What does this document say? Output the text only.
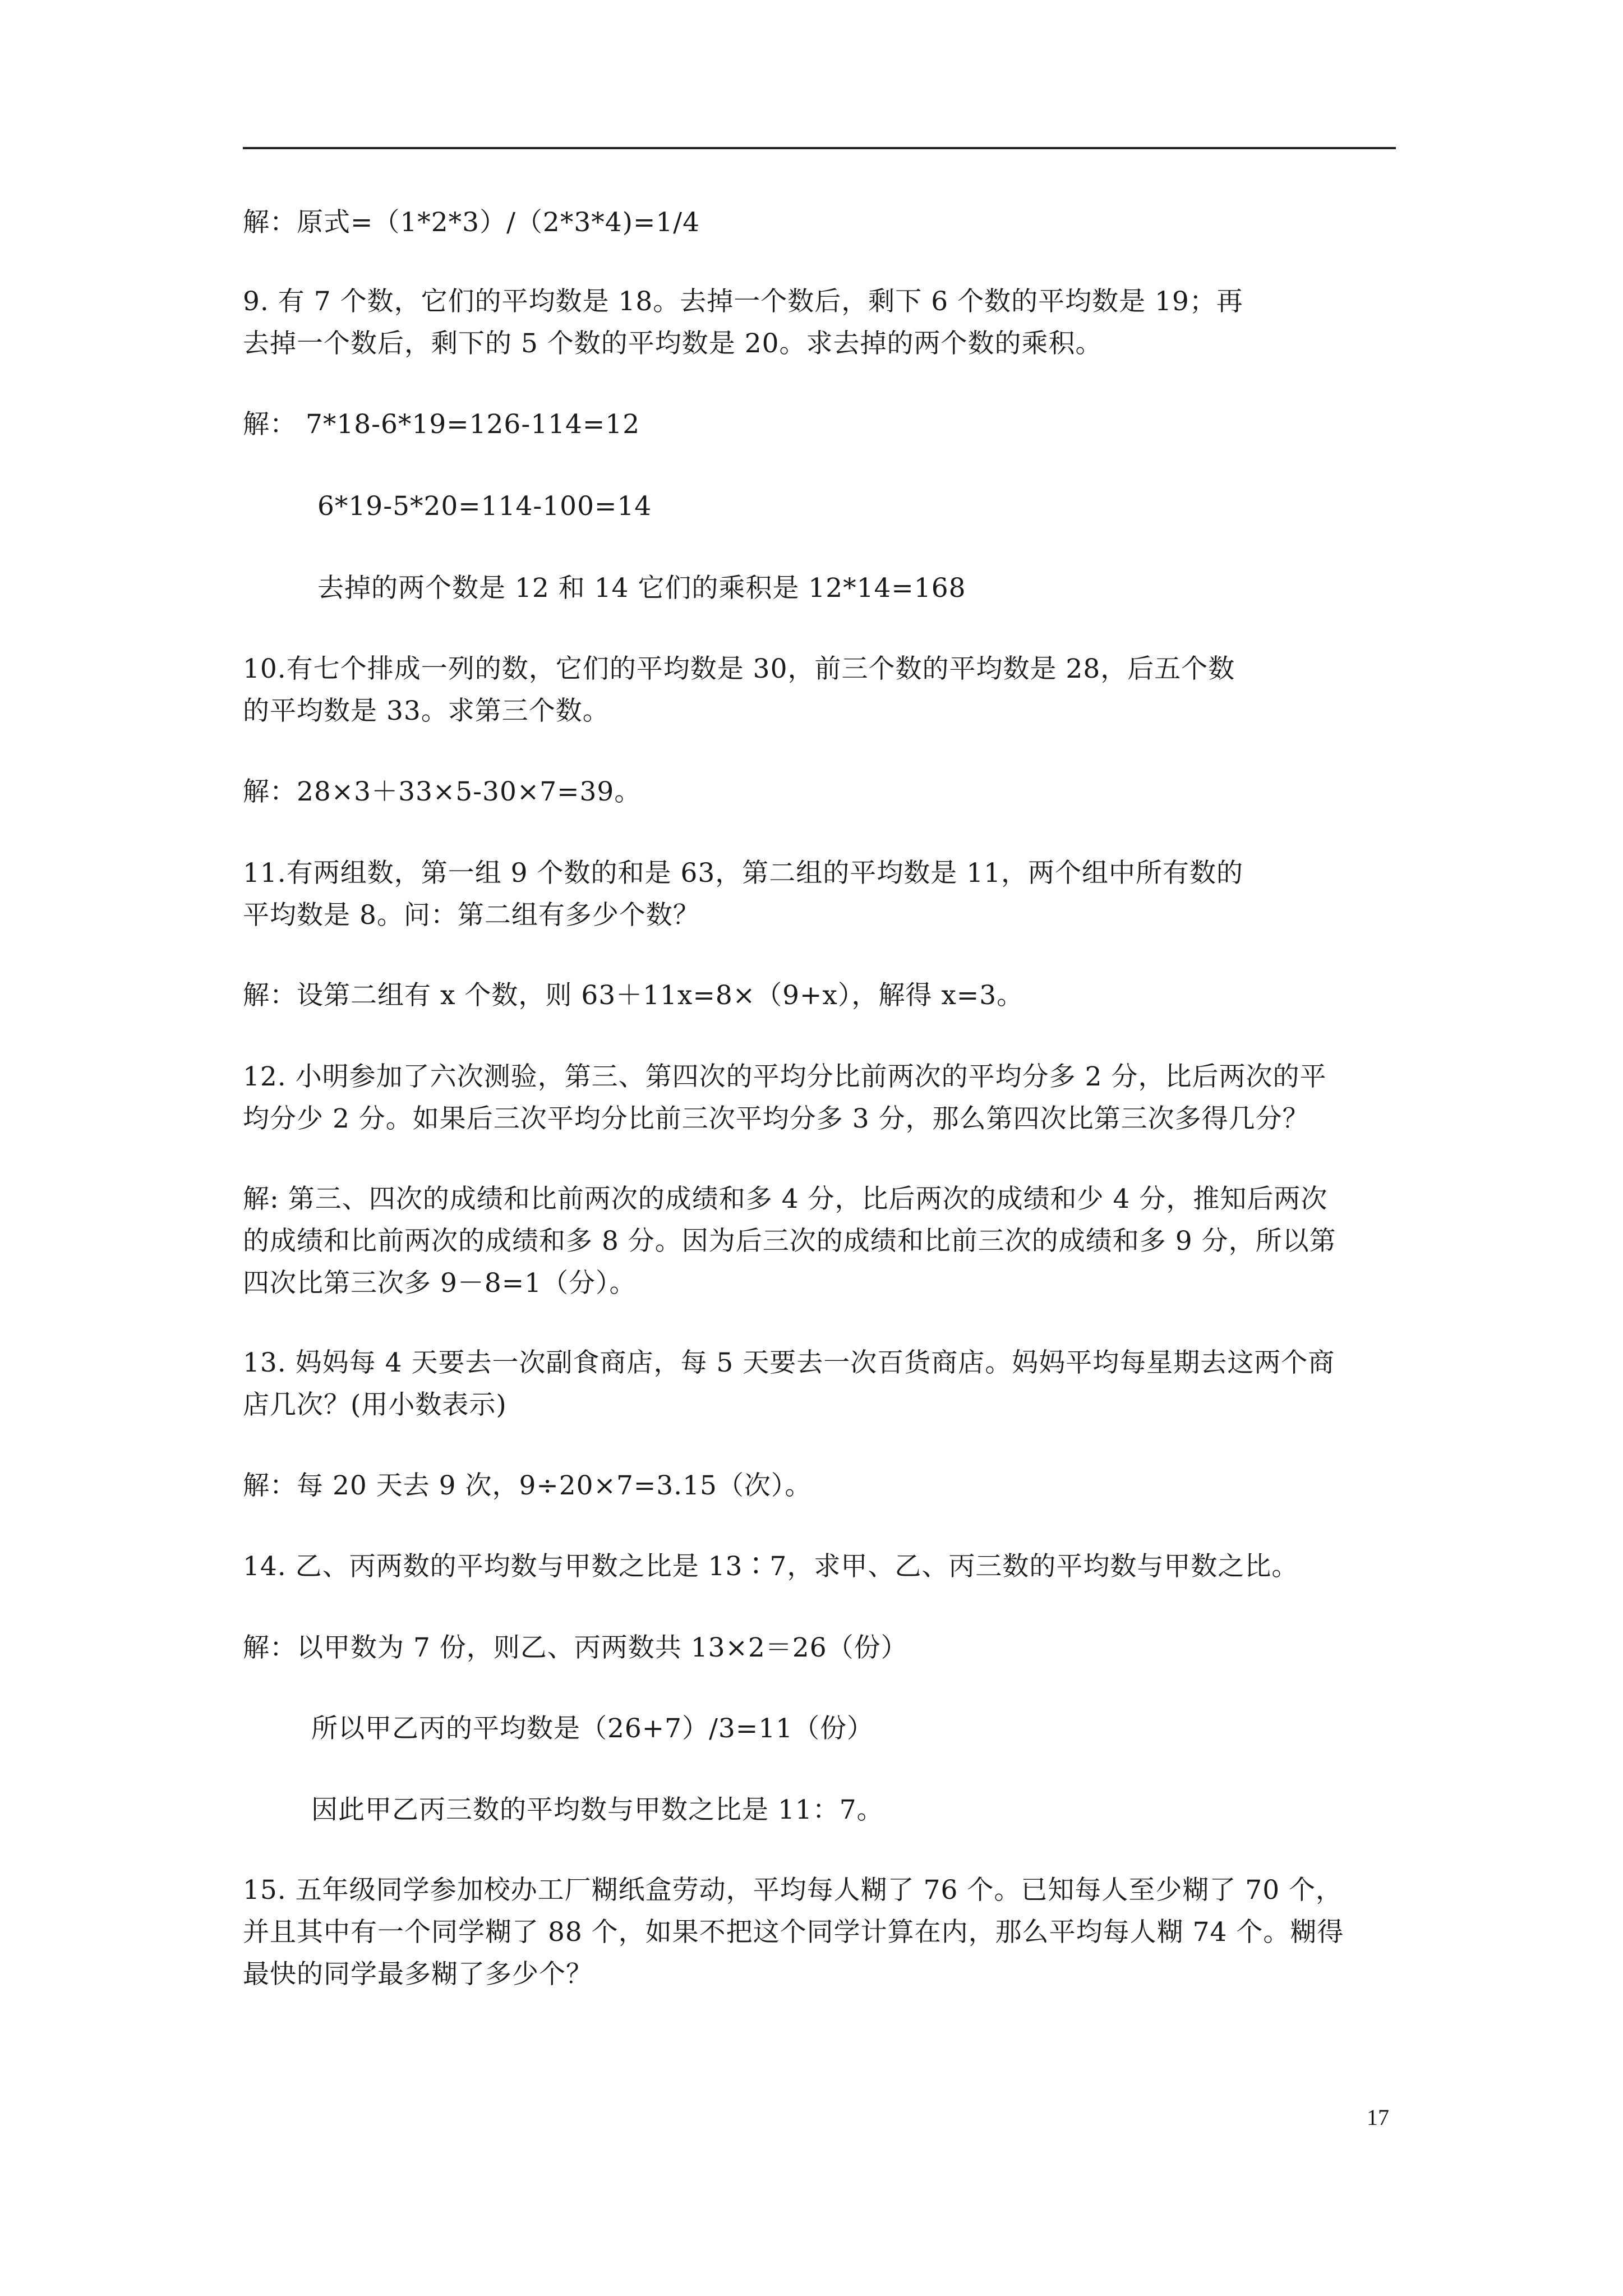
解：原式=（1*2*3）/（2*3*4)=1/4
9. 有 7 个数，它们的平均数是 18。去掉一个数后，剩下 6 个数的平均数是 19；再
去掉一个数后，剩下的 5 个数的平均数是 20。求去掉的两个数的乘积。
解： 7*18-6*19=126-114=12
6*19-5*20=114-100=14
去掉的两个数是 12 和 14 它们的乘积是 12*14=168
10.有七个排成一列的数，它们的平均数是 30，前三个数的平均数是 28，后五个数
的平均数是 33。求第三个数。
解：28×3＋33×5-30×7=39。
11.有两组数，第一组 9 个数的和是 63，第二组的平均数是 11，两个组中所有数的
平均数是 8。问：第二组有多少个数？
解：设第二组有 x 个数，则 63＋11x=8×（9+x），解得 x=3。
12. 小明参加了六次测验，第三、第四次的平均分比前两次的平均分多 2 分，比后两次的平
均分少 2 分。如果后三次平均分比前三次平均分多 3 分，那么第四次比第三次多得几分？
解: 第三、四次的成绩和比前两次的成绩和多 4 分，比后两次的成绩和少 4 分，推知后两次
的成绩和比前两次的成绩和多 8 分。因为后三次的成绩和比前三次的成绩和多 9 分，所以第
四次比第三次多 9－8=1（分）。
13. 妈妈每 4 天要去一次副食商店，每 5 天要去一次百货商店。妈妈平均每星期去这两个商
店几次？(用小数表示)
解：每 20 天去 9 次，9÷20×7=3.15（次）。
14. 乙、丙两数的平均数与甲数之比是 13∶7，求甲、乙、丙三数的平均数与甲数之比。
解：以甲数为 7 份，则乙、丙两数共 13×2＝26（份）
所以甲乙丙的平均数是（26+7）/3=11（份）
因此甲乙丙三数的平均数与甲数之比是 11：7。
15. 五年级同学参加校办工厂糊纸盒劳动，平均每人糊了 76 个。已知每人至少糊了 70 个，
并且其中有一个同学糊了 88 个，如果不把这个同学计算在内，那么平均每人糊 74 个。糊得
最快的同学最多糊了多少个？
17
